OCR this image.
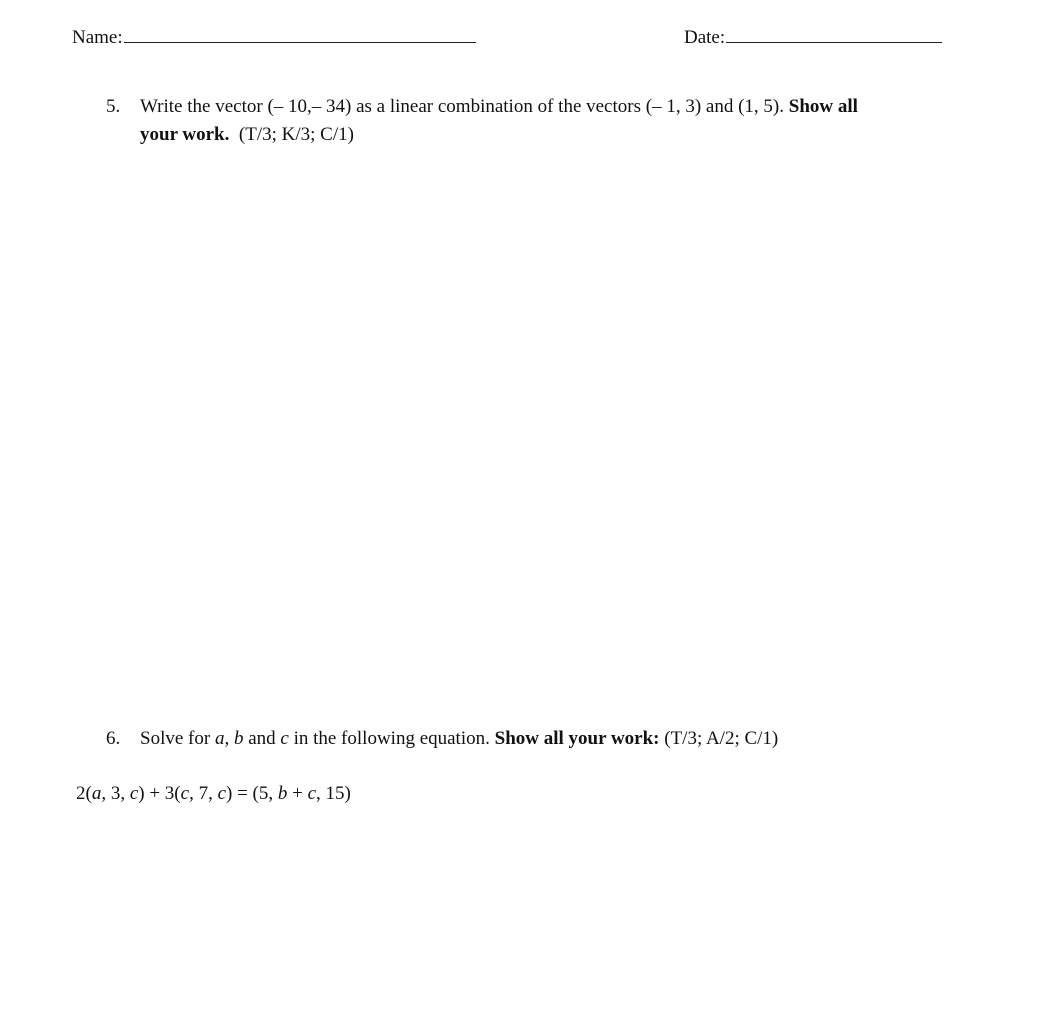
Name:	Date:
5. Write the vector (– 10,– 34) as a linear combination of the vectors (– 1, 3) and (1, 5). Show all
your work. (T/3; K/3; C/1)
6. Solve for a, b and c in the following equation. Show all your work: (T/3; A/2; C/1)
2(a, 3, c) + 3(c, 7, c) = (5, b + c, 15)
